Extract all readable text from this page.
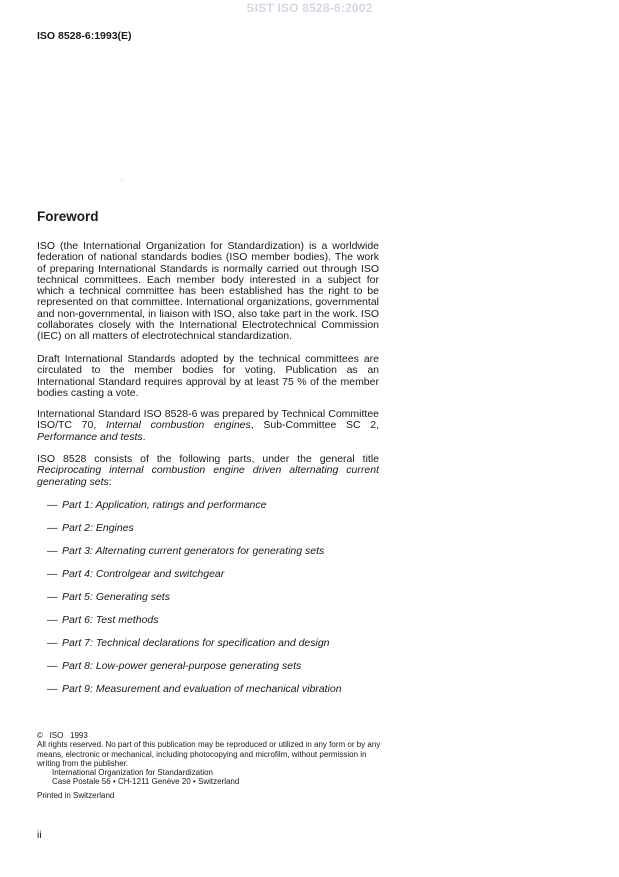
SIST ISO 8528-6:2002
ISO 8528-6:1993(E)
Foreword

ISO (the International Organization for Standardization) is a worldwide federation of national standards bodies (ISO member bodies). The work of preparing International Standards is normally carried out through ISO technical committees. Each member body interested in a subject for which a technical committee has been established has the right to be represented on that committee. International organizations, governmental and non-governmental, in liaison with ISO, also take part in the work. ISO collaborates closely with the International Electrotechnical Commission (IEC) on all matters of electrotechnical standardization.

Draft International Standards adopted by the technical committees are circulated to the member bodies for voting. Publication as an International Standard requires approval by at least 75 % of the member bodies casting a vote.

International Standard ISO 8528-6 was prepared by Technical Committee ISO/TC 70, Internal combustion engines, Sub-Committee SC 2, Performance and tests.

ISO 8528 consists of the following parts, under the general title Reciprocating internal combustion engine driven alternating current generating sets:

— Part 1: Application, ratings and performance
— Part 2: Engines
— Part 3: Alternating current generators for generating sets
— Part 4: Controlgear and switchgear
— Part 5: Generating sets
— Part 6: Test methods
— Part 7: Technical declarations for specification and design
— Part 8: Low-power general-purpose generating sets
— Part 9: Measurement and evaluation of mechanical vibration

©   ISO   1993

All rights reserved. No part of this publication may be reproduced or utilized in any form or by any means, electronic or mechanical, including photocopying and microfilm, without permission in writing from the publisher.

International Organization for Standardization

Case Postale 56 • CH-1211 Genève 20 • Switzerland

Printed in Switzerland

ii
